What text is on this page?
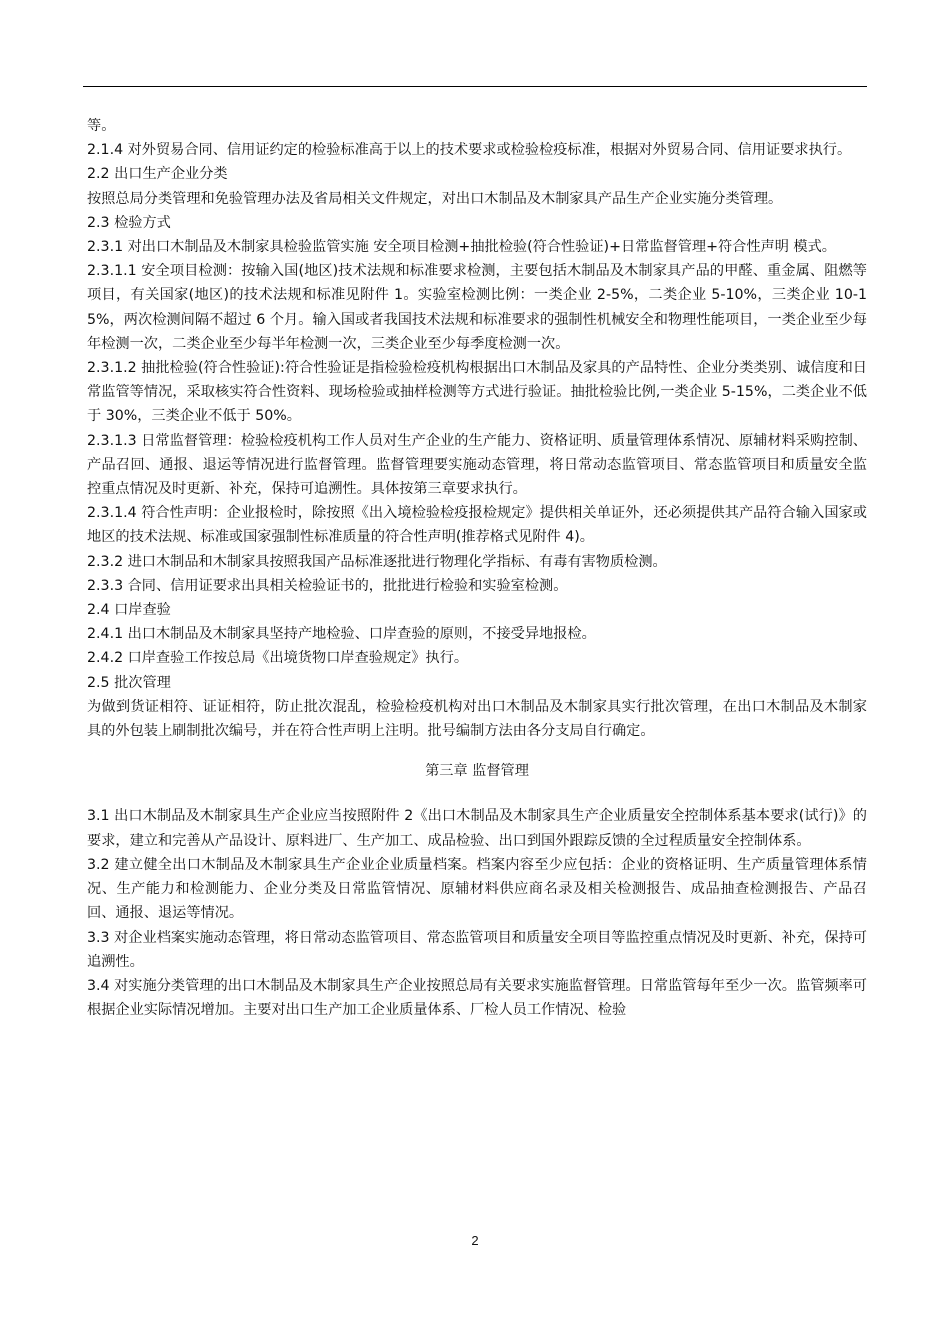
等。

2.1.4 对外贸易合同、信用证约定的检验标准高于以上的技术要求或检验检疫标准，根据对外贸易合同、信用证要求执行。

2.2 出口生产企业分类

按照总局分类管理和免验管理办法及省局相关文件规定，对出口木制品及木制家具产品生产企业实施分类管理。

2.3 检验方式

2.3.1 对出口木制品及木制家具检验监管实施 安全项目检测+抽批检验(符合性验证)+日常监督管理+符合性声明 模式。

2.3.1.1 安全项目检测：按输入国(地区)技术法规和标准要求检测，主要包括木制品及木制家具产品的甲醛、重金属、阻燃等项目，有关国家(地区)的技术法规和标准见附件 1。实验室检测比例：一类企业 2-5%，二类企业 5-10%，三类企业 10-15%，两次检测间隔不超过 6 个月。输入国或者我国技术法规和标准要求的强制性机械安全和物理性能项目，一类企业至少每年检测一次，二类企业至少每半年检测一次，三类企业至少每季度检测一次。

2.3.1.2 抽批检验(符合性验证):符合性验证是指检验检疫机构根据出口木制品及家具的产品特性、企业分类类别、诚信度和日常监管等情况，采取核实符合性资料、现场检验或抽样检测等方式进行验证。抽批检验比例,一类企业 5-15%，二类企业不低于 30%，三类企业不低于 50%。

2.3.1.3 日常监督管理：检验检疫机构工作人员对生产企业的生产能力、资格证明、质量管理体系情况、原辅材料采购控制、产品召回、通报、退运等情况进行监督管理。监督管理要实施动态管理，将日常动态监管项目、常态监管项目和质量安全监控重点情况及时更新、补充，保持可追溯性。具体按第三章要求执行。

2.3.1.4 符合性声明：企业报检时，除按照《出入境检验检疫报检规定》提供相关单证外，还必须提供其产品符合输入国家或地区的技术法规、标准或国家强制性标准质量的符合性声明(推荐格式见附件 4)。

2.3.2 进口木制品和木制家具按照我国产品标准逐批进行物理化学指标、有毒有害物质检测。

2.3.3 合同、信用证要求出具相关检验证书的，批批进行检验和实验室检测。

2.4 口岸查验

2.4.1 出口木制品及木制家具坚持产地检验、口岸查验的原则，不接受异地报检。

2.4.2 口岸查验工作按总局《出境货物口岸查验规定》执行。

2.5 批次管理

为做到货证相符、证证相符，防止批次混乱，检验检疫机构对出口木制品及木制家具实行批次管理，在出口木制品及木制家具的外包装上刷制批次编号，并在符合性声明上注明。批号编制方法由各分支局自行确定。

第三章 监督管理

3.1 出口木制品及木制家具生产企业应当按照附件 2《出口木制品及木制家具生产企业质量安全控制体系基本要求(试行)》的要求，建立和完善从产品设计、原料进厂、生产加工、成品检验、出口到国外跟踪反馈的全过程质量安全控制体系。

3.2 建立健全出口木制品及木制家具生产企业企业质量档案。档案内容至少应包括：企业的资格证明、生产质量管理体系情况、生产能力和检测能力、企业分类及日常监管情况、原辅材料供应商名录及相关检测报告、成品抽查检测报告、产品召回、通报、退运等情况。

3.3 对企业档案实施动态管理，将日常动态监管项目、常态监管项目和质量安全项目等监控重点情况及时更新、补充，保持可追溯性。

3.4 对实施分类管理的出口木制品及木制家具生产企业按照总局有关要求实施监督管理。日常监管每年至少一次。监管频率可根据企业实际情况增加。主要对出口生产加工企业质量体系、厂检人员工作情况、检验

2
